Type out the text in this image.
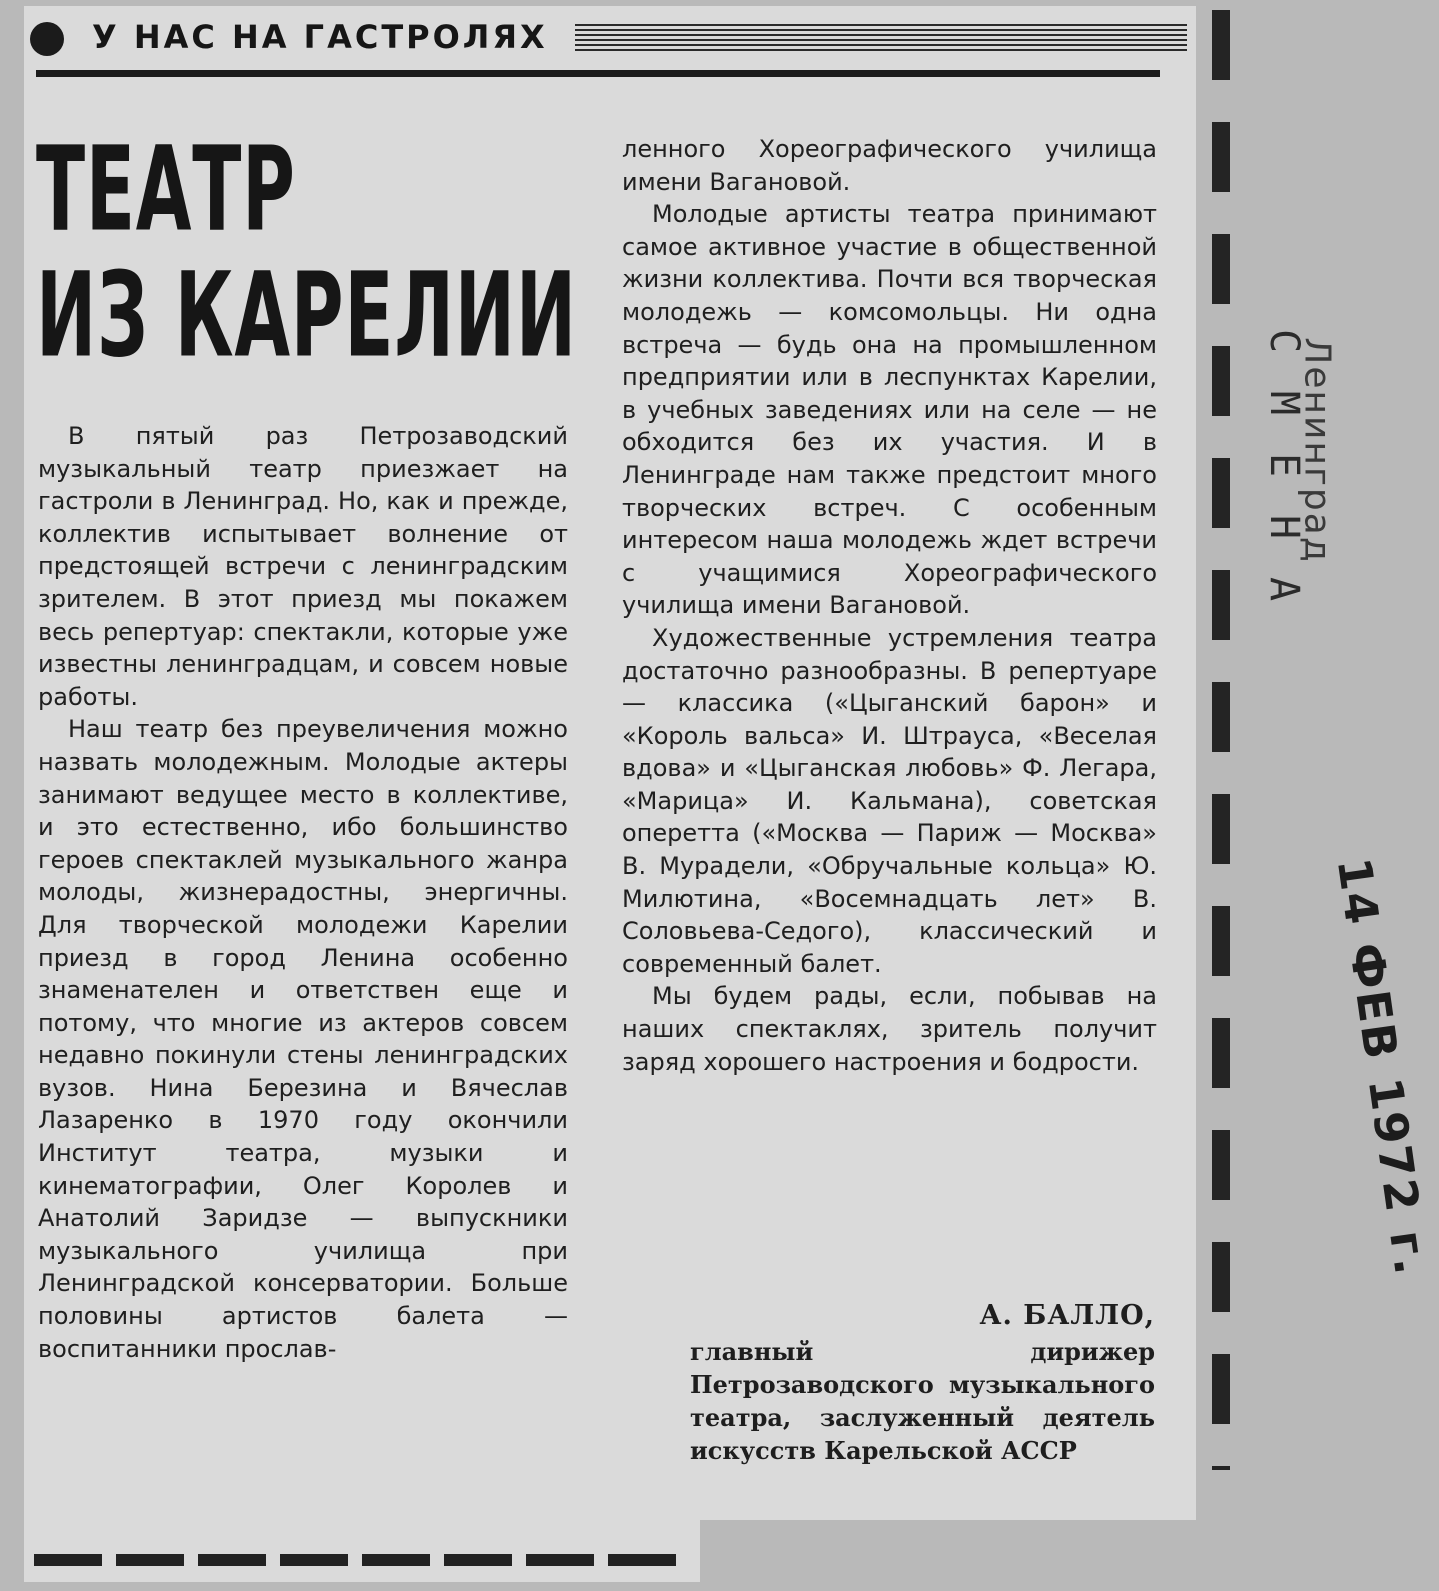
У НАС НА ГАСТРОЛЯХ
ТЕАТР
ИЗ КАРЕЛИИ

В пятый раз Петрозаводский музыкальный театр приезжает на гастроли в Ленинград. Но, как и прежде, коллектив испытывает волнение от предстоящей встречи с ленинградским зрителем. В этот приезд мы покажем весь репертуар: спектакли, которые уже известны ленинградцам, и совсем новые работы.

Наш театр без преувеличения можно назвать молодежным. Молодые актеры занимают ведущее место в коллективе, и это естественно, ибо большинство героев спектаклей музыкального жанра молоды, жизнерадостны, энергичны. Для творческой молодежи Карелии приезд в город Ленина особенно знаменателен и ответствен еще и потому, что многие из актеров совсем недавно покинули стены ленинградских вузов. Нина Березина и Вячеслав Лазаренко в 1970 году окончили Институт театра, музыки и кинематографии, Олег Королев и Анатолий Заридзе — выпускники музыкального училища при Ленинградской консерватории. Больше половины артистов балета — воспитанники прослав-

ленного Хореографического училища имени Вагановой.

Молодые артисты театра принимают самое активное участие в общественной жизни коллектива. Почти вся творческая молодежь — комсомольцы. Ни одна встреча — будь она на промышленном предприятии или в леспунктах Карелии, в учебных заведениях или на селе — не обходится без их участия. И в Ленинграде нам также предстоит много творческих встреч. С особенным интересом наша молодежь ждет встречи с учащимися Хореографического училища имени Вагановой.

Художественные устремления театра достаточно разнообразны. В репертуаре — классика («Цыганский барон» и «Король вальса» И. Штрауса, «Веселая вдова» и «Цыганская любовь» Ф. Легара, «Марица» И. Кальмана), советская оперетта («Москва — Париж — Москва» В. Мурадели, «Обручальные кольца» Ю. Милютина, «Восемнадцать лет» В. Соловьева-Седого), классический и современный балет.

Мы будем рады, если, побывав на наших спектаклях, зритель получит заряд хорошего настроения и бодрости.

А. БАЛЛО,
главный дирижер Петрозаводского музыкального театра, заслуженный деятель искусств Карельской АССР
С
М
Е
Н
А
Ленинград
14 ФЕВ 1972 г.
